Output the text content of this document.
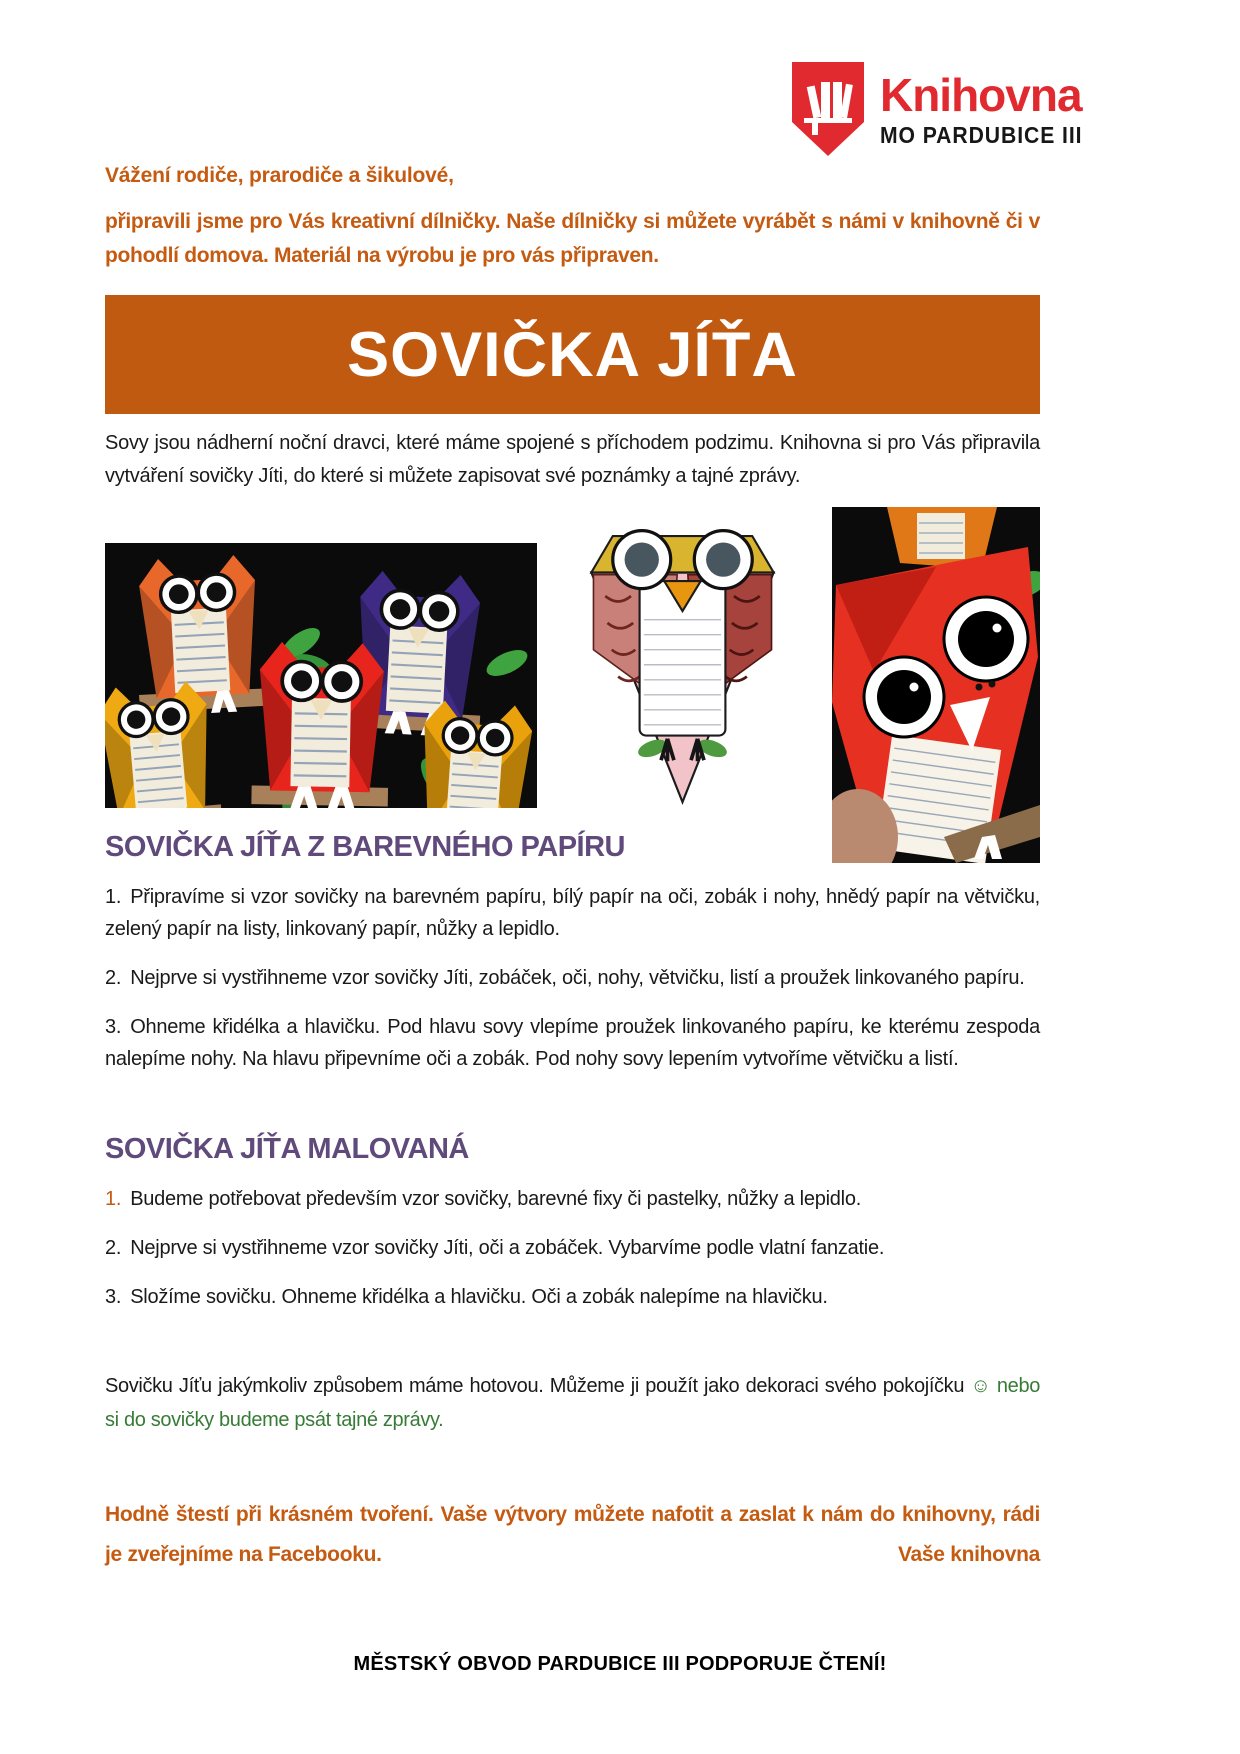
Knihovna
MO PARDUBICE III
Vážení rodiče, prarodiče a šikulové,
připravili jsme pro Vás kreativní dílničky. Naše dílničky si můžete vyrábět s námi v knihovně či v pohodlí domova. Materiál na výrobu je pro vás připraven.
SOVIČKA JÍŤA
Sovy jsou nádherní noční dravci, které máme spojené s příchodem podzimu. Knihovna si pro Vás připravila vytváření sovičky Jíti, do které si můžete zapisovat své poznámky a tajné zprávy.
SOVIČKA JÍŤA Z BAREVNÉHO PAPÍRU

1. Připravíme si vzor sovičky na barevném papíru, bílý papír na oči, zobák i nohy, hnědý papír na větvičku, zelený papír na listy, linkovaný papír, nůžky a lepidlo.

2. Nejprve si vystřihneme vzor sovičky Jíti, zobáček, oči, nohy, větvičku, listí a proužek linkovaného papíru.

3. Ohneme křidélka a hlavičku. Pod hlavu sovy vlepíme proužek linkovaného papíru, ke kterému zespoda nalepíme nohy. Na hlavu připevníme oči a zobák. Pod nohy sovy lepením vytvoříme větvičku a listí.

SOVIČKA JÍŤA MALOVANÁ

1. Budeme potřebovat především vzor sovičky, barevné fixy či pastelky, nůžky a lepidlo.

2. Nejprve si vystřihneme vzor sovičky Jíti, oči a zobáček. Vybarvíme podle vlatní fanzatie.

3. Složíme sovičku. Ohneme křidélka a hlavičku. Oči a zobák nalepíme na hlavičku.

Sovičku Jíťu jakýmkoliv způsobem máme hotovou. Můžeme ji použít jako dekoraci svého pokojíčku ☺ nebo si do sovičky budeme psát tajné zprávy.

Hodně štestí při krásném tvoření. Vaše výtvory můžete nafotit a zaslat k nám do knihovny, rádi
je zveřejníme na Facebooku.	Vaše knihovna
MĚSTSKÝ OBVOD PARDUBICE III PODPORUJE ČTENÍ!
